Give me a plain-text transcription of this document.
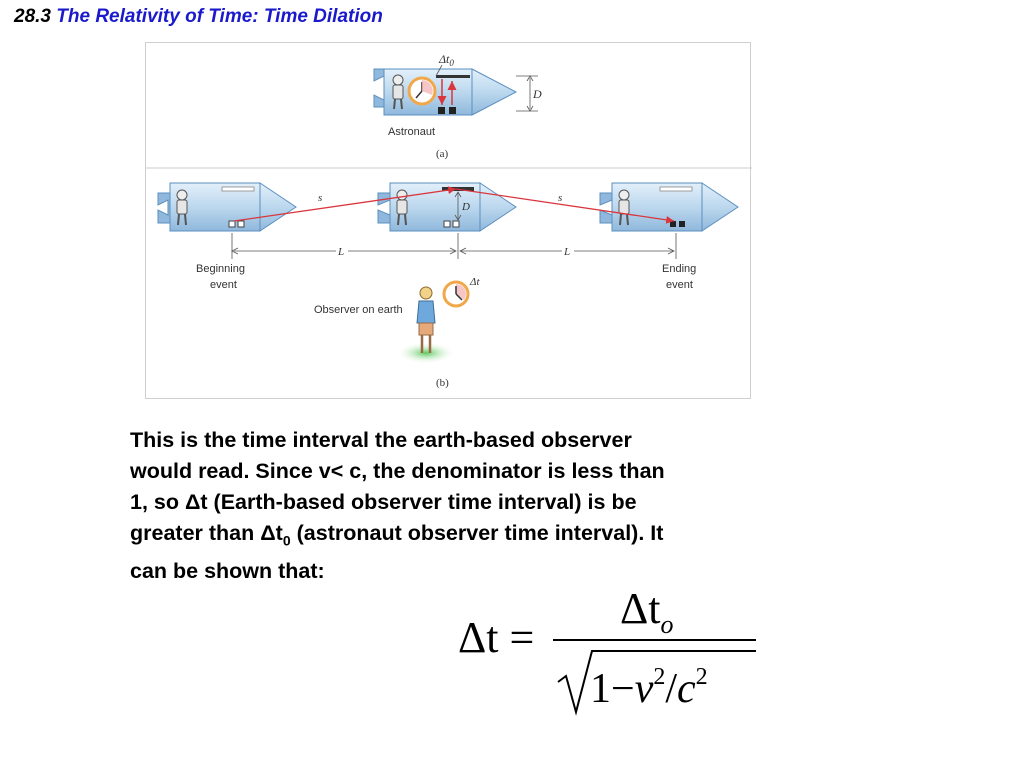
28.3 The Relativity of Time: Time Dilation
$\Delta t_0$
D
Astronaut
(a)
s	s
D
L	L
Beginning
event
Ending
event
Δt
Observer on earth
(b)
This is the time interval the earth-based observer
would read. Since v< c, the denominator is less than
1, so Δt (Earth-based observer time interval) is be
greater than $\Delta t_0$ (astronaut observer time interval). It
can be shown that:
Δt =
$\Delta t_o$
$1-v^2/c^2$
